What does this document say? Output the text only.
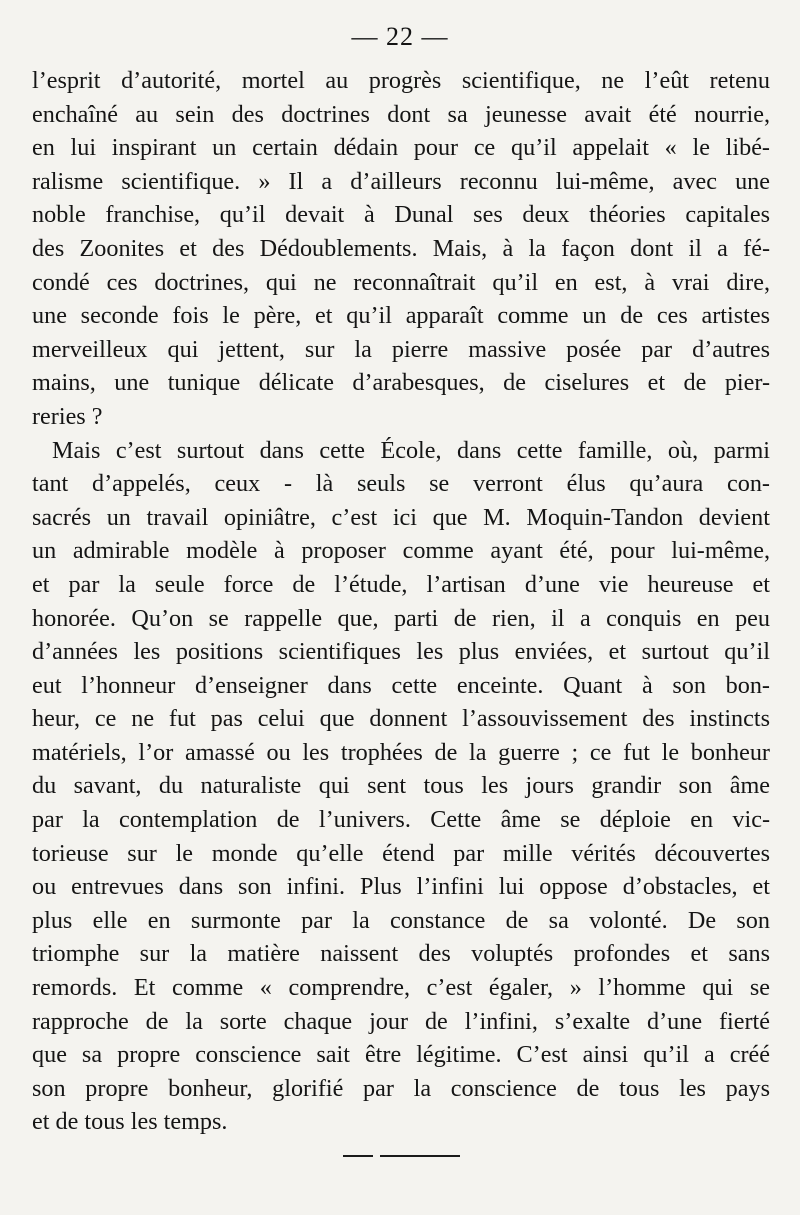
— 22 —
l’esprit d’autorité, mortel au progrès scientifique, ne l’eût retenu
enchaîné au sein des doctrines dont sa jeunesse avait été nourrie,
en lui inspirant un certain dédain pour ce qu’il appelait « le libé-
ralisme scientifique. » Il a d’ailleurs reconnu lui-même, avec une
noble franchise, qu’il devait à Dunal ses deux théories capitales
des Zoonites et des Dédoublements. Mais, à la façon dont il a fé-
condé ces doctrines, qui ne reconnaîtrait qu’il en est, à vrai dire,
une seconde fois le père, et qu’il apparaît comme un de ces artistes
merveilleux qui jettent, sur la pierre massive posée par d’autres
mains, une tunique délicate d’arabesques, de ciselures et de pier-
reries ?
Mais c’est surtout dans cette École, dans cette famille, où, parmi
tant d’appelés, ceux - là seuls se verront élus qu’aura con-
sacrés un travail opiniâtre, c’est ici que M. Moquin-Tandon devient
un admirable modèle à proposer comme ayant été, pour lui-même,
et par la seule force de l’étude, l’artisan d’une vie heureuse et
honorée. Qu’on se rappelle que, parti de rien, il a conquis en peu
d’années les positions scientifiques les plus enviées, et surtout qu’il
eut l’honneur d’enseigner dans cette enceinte. Quant à son bon-
heur, ce ne fut pas celui que donnent l’assouvissement des instincts
matériels, l’or amassé ou les trophées de la guerre ; ce fut le bonheur
du savant, du naturaliste qui sent tous les jours grandir son âme
par la contemplation de l’univers. Cette âme se déploie en vic-
torieuse sur le monde qu’elle étend par mille vérités découvertes
ou entrevues dans son infini. Plus l’infini lui oppose d’obstacles, et
plus elle en surmonte par la constance de sa volonté. De son
triomphe sur la matière naissent des voluptés profondes et sans
remords. Et comme « comprendre, c’est égaler, » l’homme qui se
rapproche de la sorte chaque jour de l’infini, s’exalte d’une fierté
que sa propre conscience sait être légitime. C’est ainsi qu’il a créé
son propre bonheur, glorifié par la conscience de tous les pays
et de tous les temps.
